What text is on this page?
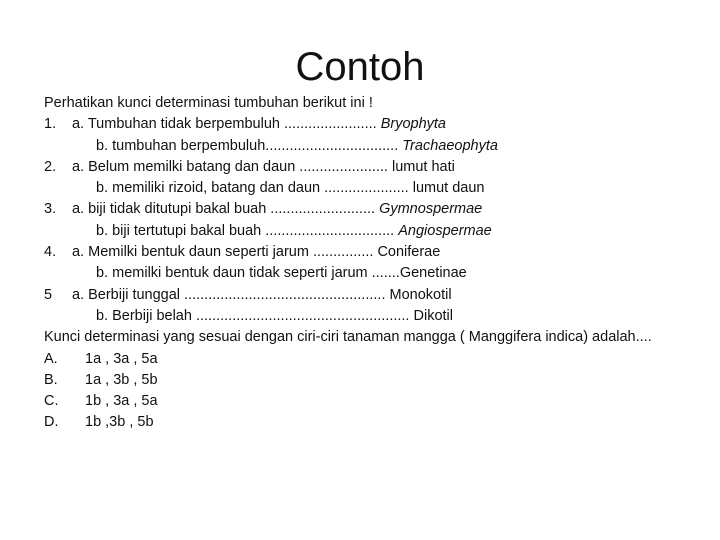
Contoh
Perhatikan kunci determinasi tumbuhan berikut ini !
1. a. Tumbuhan tidak berpembuluh ....................... Bryophyta
b. tumbuhan berpembuluh................................. Trachaeophyta
2. a. Belum memilki batang dan daun ...................... lumut hati
b. memiliki rizoid, batang dan daun ..................... lumut daun
3. a. biji tidak ditutupi bakal buah .......................... Gymnospermae
b. biji tertutupi bakal buah ................................ Angiospermae
4. a. Memilki bentuk daun seperti jarum ............... Coniferae
b. memilki bentuk daun tidak seperti jarum .......Genetinae
5 a. Berbiji tunggal .................................................. Monokotil
b. Berbiji belah ..................................................... Dikotil
Kunci determinasi yang sesuai dengan ciri-ciri tanaman mangga ( Manggifera indica) adalah....
A. 1a , 3a , 5a
B. 1a , 3b , 5b
C. 1b , 3a , 5a
D. 1b ,3b , 5b
